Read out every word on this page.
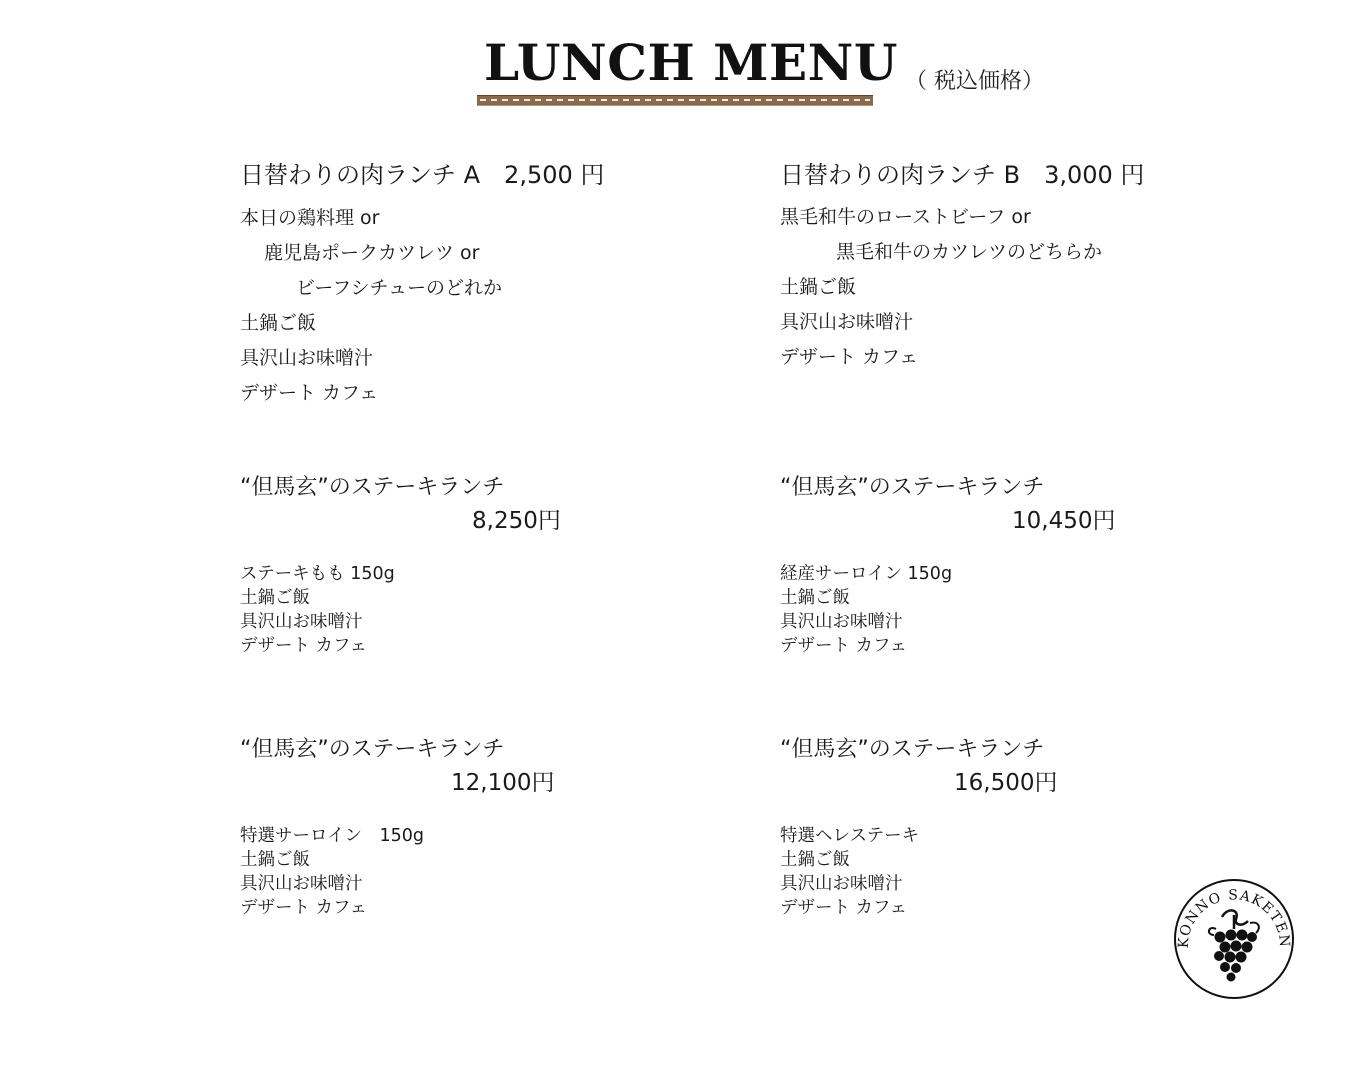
LUNCH MENU （ 税込価格）
日替わりの肉ランチ A　2,500 円
本日の鶏料理 or
鹿児島ポークカツレツ or
ビーフシチューのどれか
土鍋ご飯
具沢山お味噌汁
デザート カフェ
日替わりの肉ランチ B　3,000 円
黒毛和牛のローストビーフ or
黒毛和牛のカツレツのどちらか
土鍋ご飯
具沢山お味噌汁
デザート カフェ
“但馬玄”のステーキランチ
8,250円
ステーキもも 150g
土鍋ご飯
具沢山お味噌汁
デザート カフェ
“但馬玄”のステーキランチ
10,450円
経産サーロイン 150g
土鍋ご飯
具沢山お味噌汁
デザート カフェ
“但馬玄”のステーキランチ
12,100円
特選サーロイン　150g
土鍋ご飯
具沢山お味噌汁
デザート カフェ
“但馬玄”のステーキランチ
16,500円
特選ヘレステーキ
土鍋ご飯
具沢山お味噌汁
デザート カフェ
KONNO SAKETEN
